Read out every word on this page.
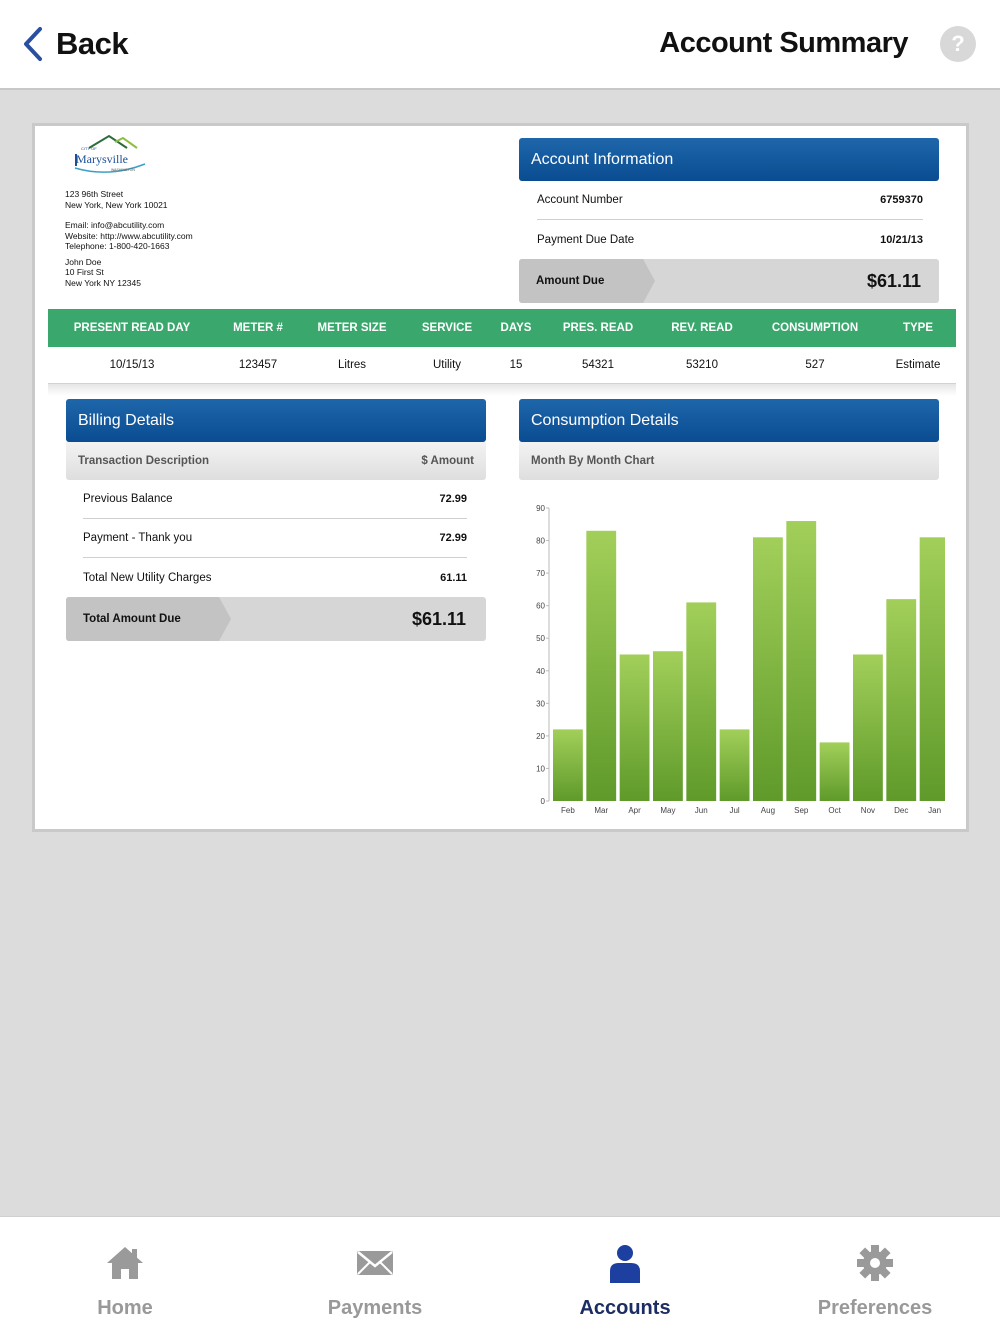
Back	Account Summary	?
CITY OF
Marysville
WASHINGTON
123 96th Street
New York, New York 10021
Email: info@abcutility.com
Website: http://www.abcutility.com
Telephone: 1-800-420-1663
John Doe
10 First St
New York NY 12345
Account Information
Account Number	6759370
Payment Due Date	10/21/13
Amount Due	$61.11
PRESENT READ DAY	METER #	METER SIZE	SERVICE	DAYS	PRES. READ	REV. READ	CONSUMPTION	TYPE
10/15/13	123457	Litres	Utility	15	54321	53210	527	Estimate
Billing Details
Transaction Description	$ Amount
Previous Balance	72.99
Payment - Thank you	72.99
Total New Utility Charges	61.11
Total Amount Due	$61.11
Consumption Details
Month By Month Chart
0
10
20
30
40
50
60
70
80
90
Feb Mar	Apr May Jun	Jul	Aug Sep Oct Nov Dec Jan
Home	Payments	Accounts	Preferences
